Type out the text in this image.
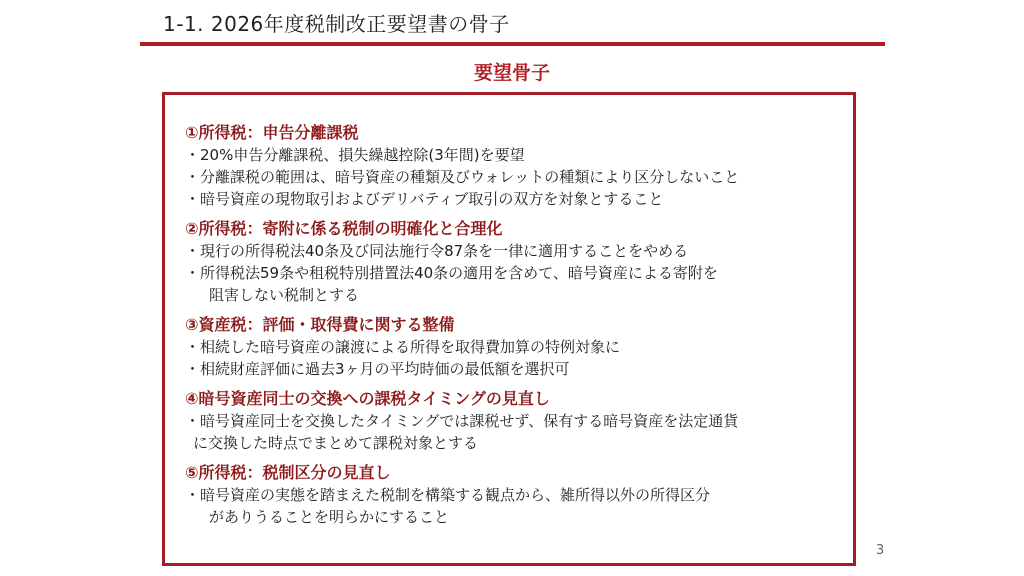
1-1. 2026年度税制改正要望書の骨子
要望骨子
①所得税：申告分離課税
・20%申告分離課税、損失繰越控除(3年間)を要望
・分離課税の範囲は、暗号資産の種類及びウォレットの種類により区分しないこと
・暗号資産の現物取引およびデリバティブ取引の双方を対象とすること
②所得税：寄附に係る税制の明確化と合理化
・現行の所得税法40条及び同法施行令87条を一律に適用することをやめる
・所得税法59条や租税特別措置法40条の適用を含めて、暗号資産による寄附を
阻害しない税制とする
③資産税：評価・取得費に関する整備
・相続した暗号資産の譲渡による所得を取得費加算の特例対象に
・相続財産評価に過去3ヶ月の平均時価の最低額を選択可
④暗号資産同士の交換への課税タイミングの見直し
・暗号資産同士を交換したタイミングでは課税せず、保有する暗号資産を法定通貨
に交換した時点でまとめて課税対象とする
⑤所得税：税制区分の見直し
・暗号資産の実態を踏まえた税制を構築する観点から、雑所得以外の所得区分
がありうることを明らかにすること
3
